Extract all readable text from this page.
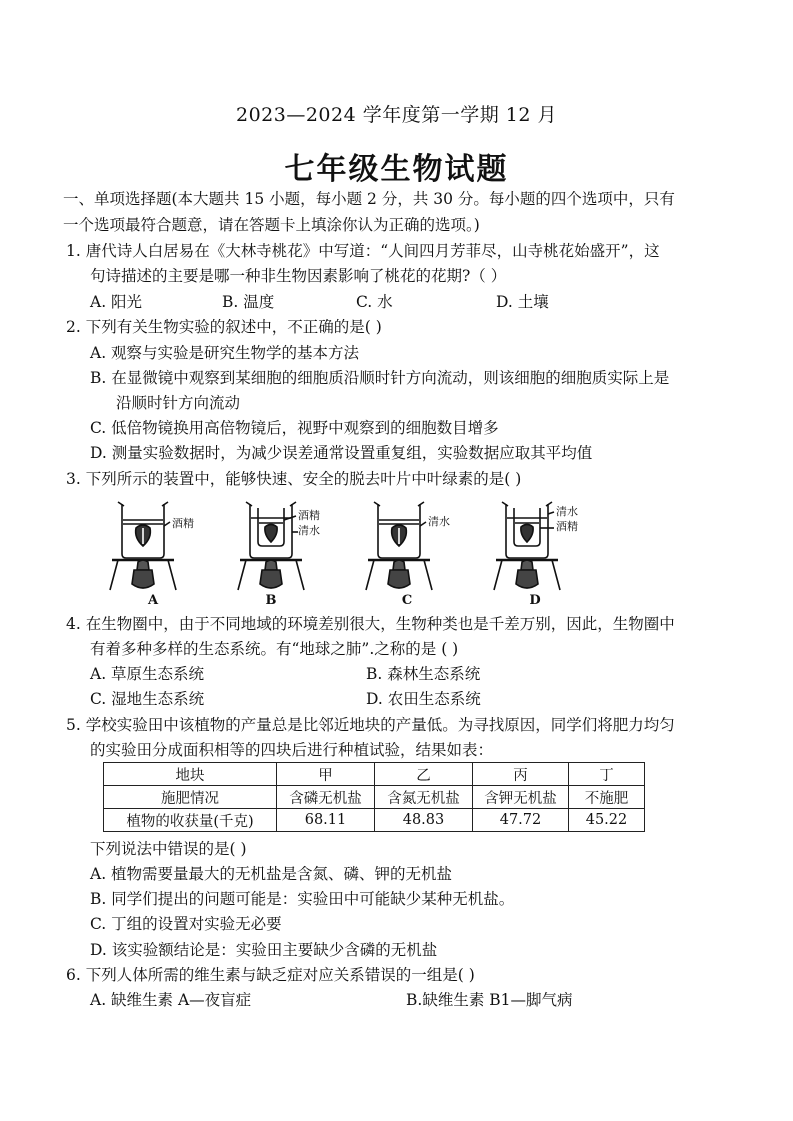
2023—2024 学年度第一学期 12 月
七年级生物试题
一、单项选择题(本大题共 15 小题，每小题 2 分，共 30 分。每小题的四个选项中，只有
一个选项最符合题意，请在答题卡上填涂你认为正确的选项。)
1. 唐代诗人白居易在《大林寺桃花》中写道：“人间四月芳菲尽，山寺桃花始盛开”，这
句诗描述的主要是哪一种非生物因素影响了桃花的花期?（ ）
A. 阳光	B. 温度	C. 水	D. 土壤
2. 下列有关生物实验的叙述中，不正确的是( )
A. 观察与实验是研究生物学的基本方法
B. 在显微镜中观察到某细胞的细胞质沿顺时针方向流动，则该细胞的细胞质实际上是
沿顺时针方向流动
C. 低倍物镜换用高倍物镜后，视野中观察到的细胞数目增多
D. 测量实验数据时，为减少误差通常设置重复组，实验数据应取其平均值
3. 下列所示的装置中，能够快速、安全的脱去叶片中叶绿素的是( )
酒精
A
酒精
清水
B
清水
C
清水
酒精
D
4. 在生物圈中，由于不同地域的环境差别很大，生物种类也是千差万别，因此，生物圈中
有着多种多样的生态系统。有“地球之肺”.之称的是 ( )
A. 草原生态系统	B. 森林生态系统
C. 湿地生态系统	D. 农田生态系统
5. 学校实验田中该植物的产量总是比邻近地块的产量低。为寻找原因，同学们将肥力均匀
的实验田分成面积相等的四块后进行种植试验，结果如表：
地块	甲	乙	丙	丁
施肥情况	含磷无机盐	含氮无机盐	含钾无机盐	不施肥
植物的收获量(千克)	68.11	48.83	47.72	45.22
下列说法中错误的是( )
A. 植物需要量最大的无机盐是含氮、磷、钾的无机盐
B. 同学们提出的问题可能是：实验田中可能缺少某种无机盐。
C. 丁组的设置对实验无必要
D. 该实验额结论是：实验田主要缺少含磷的无机盐
6. 下列人体所需的维生素与缺乏症对应关系错误的一组是( )
A. 缺维生素 A—夜盲症	B.缺维生素 B1—脚气病
